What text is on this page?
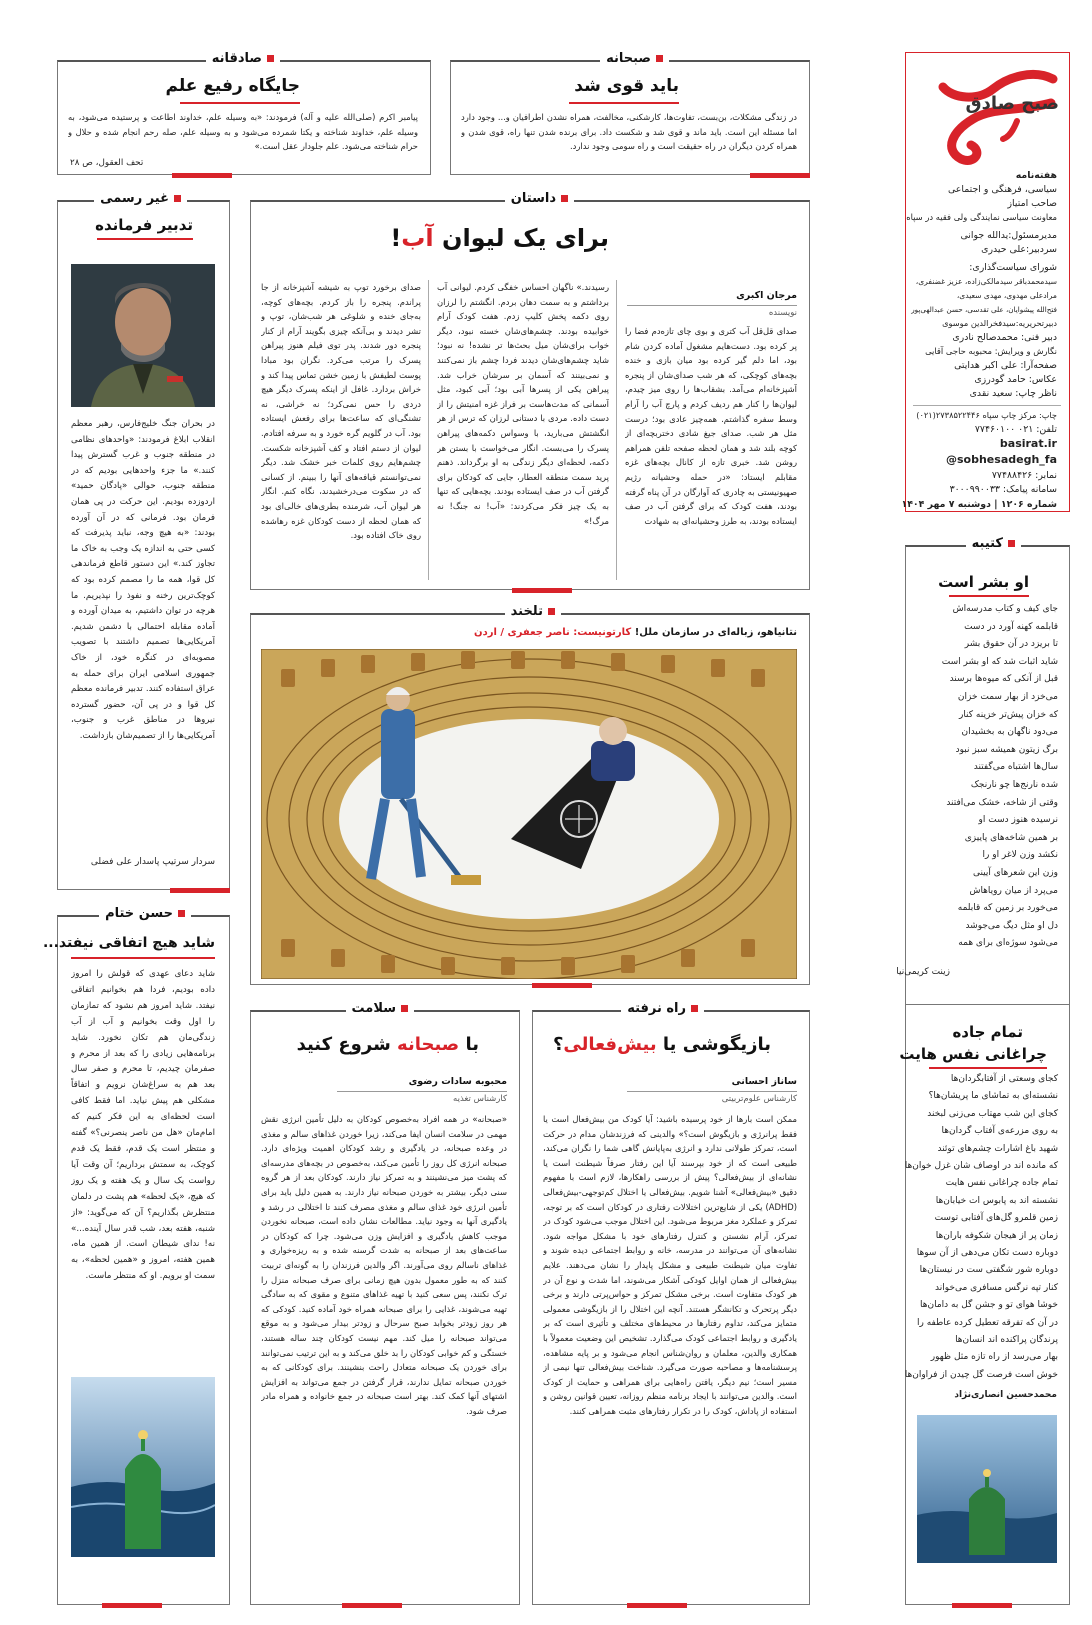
صبح صادق
هفته‌نامه
سیاسی، فرهنگی و اجتماعی
صاحب امتیاز
معاونت سیاسی نمایندگی ولی فقیه در سپاه
مدیرمسئول:یدالله جوانی
سردبیر:علی حیدری
شورای سیاست‌گذاری:
سیدمحمدباقر سیدمالکی‌زاده، عزیز غضنفری،
مرادعلی مهدوی، مهدی سعیدی،
فتح‌الله پیشوایان، علی تقدسی، حسن عبدالهی‌پور
دبیرتحریریه:سیدفخرالدین موسوی
دبیر فنی: محمدصالح نادری
نگارش و ویرایش: محبوبه حاجی آقایی
صفحه‌آرا: علی اکبر هدایتی
عکاس: حامد گودرزی
ناظر چاپ: سعید نقدی
چاپ: مرکز چاپ سپاه ۲۷۳۸۵۲۲۴۴۶(۰۲۱)
تلفن: ۰۲۱ ۷۷۴۶۰۱۰۰
basirat.ir
@sobhesadegh_fa
نمابر: ۷۷۴۸۸۴۲۶
سامانه پیامک: ۳۰۰۰۹۹۰۰۳۳
شماره ۱۲۰۶ | دوشنبه ۷ مهر ۱۴۰۴
صبحانه
باید قوی شد
در زندگی مشکلات، بن‌بست، تفاوت‌ها، کارشکنی، مخالفت، همراه نشدن اطرافیان و... وجود دارد اما مسئله این است. باید ماند و قوی شد و شکست داد. برای برنده شدن تنها راه، قوی شدن و همراه کردن دیگران در راه حقیقت است و راه سومی وجود ندارد.
صادقانه
جایگاه رفیع علم
پیامبر اکرم (صلی‌الله علیه و آله) فرمودند: «به وسیله علم، خداوند اطاعت و پرستیده می‌شود، به وسیله علم، خداوند شناخته و یکتا شمرده می‌شود و به وسیله علم، صله رحم انجام شده و حلال و حرام شناخته می‌شود. علم جلودار عقل است.»
تحف العقول، ص ۲۸
غیر رسمی
تدبیر فرمانده
در بحران جنگ خلیج‌فارس، رهبر معظم انقلاب ابلاغ فرمودند: «واحدهای نظامی در منطقه جنوب و غرب گسترش پیدا کنند.» ما جزء واحدهایی بودیم که در منطقه جنوب، حوالی «پادگان حمید» اردوزده بودیم. این حرکت در پی همان فرمان بود. فرمانی که در آن آورده بودند: «به هیچ وجه، نباید پذیرفت که کسی حتی به اندازه یک وجب به خاک ما تجاوز کند.» این دستور قاطع فرماندهی کل قوا، همه ما را مصمم کرده بود که کوچک‌ترین رخنه و نفوذ را نپذیریم. ما هرچه در توان داشتیم، به میدان آورده و آماده مقابله احتمالی با دشمن شدیم. آمریکایی‌ها تصمیم داشتند با تصویب مصوبه‌ای در کنگره خود، از خاک جمهوری اسلامی ایران برای حمله به عراق استفاده کنند. تدبیر فرمانده معظم کل قوا و در پی آن، حضور گسترده نیروها در مناطق غرب و جنوب، آمریکایی‌ها را از تصمیم‌شان بازداشت.
سردار سرتیپ پاسدار علی فضلی
داستان
برای یک لیوان آب!
مرجان اکبری
نویسنده
صدای قل‌قل آب کتری و بوی چای تازه‌دم فضا را پر کرده بود. دست‌هایم مشغول آماده کردن شام بود، اما دلم گیر کرده بود میان بازی و خنده بچه‌های کوچکی، که هر شب صدای‌شان از پنجره آشپزخانه‌ام می‌آمد. بشقاب‌ها را روی میز چیدم، لیوان‌ها را کنار هم ردیف کردم و پارچ آب را آرام وسط سفره گذاشتم. همه‌چیز عادی بود؛ درست مثل هر شب. صدای جیغ شادی دختربچه‌ای از کوچه بلند شد و همان لحظه صفحه تلفن همراهم روشن شد. خبری تازه از کانال بچه‌های غزه مقابلم ایستاد: «در حمله وحشیانه رژیم صهیونیستی به چادری که آوارگان در آن پناه گرفته بودند، هفت کودک که برای گرفتن آب در صف ایستاده بودند، به طرز وحشیانه‌ای به شهادت
رسیدند.» ناگهان احساس خفگی کردم. لیوانی آب برداشتم و به سمت دهان بردم. انگشتم را لرزان روی دکمه پخش کلیپ زدم. هفت کودک آرام خوابیده بودند. چشم‌های‌شان خسته نبود، دیگر خواب برای‌شان میل بحث‌ها تر نشده! نه نبود؛ شاید چشم‌های‌شان دیدند فردا چشم باز نمی‌کنند و نمی‌بینند که آسمان بر سرشان خراب شد. پیراهن یکی از پسرها آبی بود؛ آبی کبود، مثل آسمانی که مدت‌هاست بر فراز غزه امنیتش را از دست داده. مردی با دستانی لرزان که ترس از هر انگشتش می‌بارید، با وسواس دکمه‌های پیراهن پسرک را می‌بست. انگار می‌خواست با بستن هر دکمه، لحظه‌ای دیگر زندگی به او برگرداند. ذهنم پرید سمت منطقه العطار، جایی که کودکان برای گرفتن آب در صف ایستاده بودند. بچه‌هایی که تنها به یک چیز فکر می‌کردند: «آب! نه جنگ! نه مرگ!»
صدای برخورد توپ به شیشه آشپزخانه از جا پراندم. پنجره را باز کردم. بچه‌های کوچه، به‌جای خنده و شلوغی هر شب‌شان، توپ و تشر دیدند و بی‌آنکه چیزی بگویند آرام از کنار پنجره دور شدند. پدر توی فیلم هنوز پیراهن پسرک را مرتب می‌کرد. نگران بود مبادا پوست لطیفش با زمین خشن تماس پیدا کند و خراش بردارد. غافل از اینکه پسرک دیگر هیچ دردی را حس نمی‌کرد؛ نه خراشی، نه تشنگی‌ای که ساعت‌ها برای رفعش ایستاده بود. آب در گلویم گره خورد و به سرفه افتادم. لیوان از دستم افتاد و کف آشپزخانه شکست. چشم‌هایم روی کلمات خبر خشک شد. دیگر نمی‌توانستم قیافه‌های آنها را ببینم. از کسانی که در سکوت می‌درخشیدند، نگاه کنم. انگار هر لیوان آب، شرمنده بطری‌های خالی‌ای بود که همان لحظه از دست کودکان غزه رهاشده روی خاک افتاده بود.
کتیبه
او بشر است
جای کیف و کتاب مدرسه‌اش
قابلمه کهنه آورد در دست
تا بریزد در آن حقوق بشر
شاید اثبات شد که او بشر است
قبل از آنکی که میوه‌ها برسند
می‌خزد از بهار سمت خزان
که خزان پیش‌تر خزینه کنار
می‌دود ناگهان به بخشیدان
برگ زیتون همیشه سبز نبود
سال‌ها اشتباه می‌گفتند
شده نارنج‌ها چو نارنجک
وقتی از شاخه، خشک می‌افتند
نرسیده هنوز دست او
بر همین شاخه‌های پاییزی
نکشد وزن لاغر او را
وزن این شعرهای آیینی
می‌پرد از میان رویاهاش
می‌خورد بر زمین که قابلمه
دل او مثل دیگ می‌جوشد
می‌شود سوژه‌ای برای همه
زینت کریمی‌نیا
تمام جاده
چراغانی نفس هایت
محمدحسین انصاری‌نژاد
کجای وسعتی از آفتابگردان‌ها
نشسته‌ای به تماشای ما پریشان‌ها؟
کجای این شب مهتاب می‌زنی لبخند
به روی مزرعه‌ی آفتاب گردان‌ها
شهید باغ اشارات چشم‌های توئند
که مانده اند در اوصاف شان غزل خوان‌ها
تمام جاده چراغانی نفس هایت
نشسته اند به پابوس ات خیابان‌ها
زمین قلمرو گل‌های آفتابی توست
زمان پر از هیجان شکوفه باران‌ها
دوباره دست تکان می‌دهی از آن سو‌ها
دوباره شور شگفتی ست در نیستان‌ها
کنار تپه نرگس مسافری می‌خواند
خوشا هوای تو و جشن گل به دامان‌ها
در آن که تفرقه تعطیل کرده عاطفه را
پرندگان پراکنده اند انسان‌ها
بهار می‌رسد از راه تازه مثل ظهور
خوش است فرصت گل چیدن از فراوان‌ها
حسن ختام
شاید هیچ اتفاقی نیفتد...
شاید دعای عهدی که قولش را امروز داده بودیم، فردا هم بخوانیم اتفاقی نیفتد. شاید امروز هم نشود که تمازمان را اول وقت بخوانیم و آب از آب زندگی‌مان هم تکان نخورد. شاید برنامه‌هایی زیادی را که بعد از محرم و صفرمان چیدیم، تا محرم و صفر سال بعد هم به سراغ‌شان نرویم و اتفاقاً مشکلی هم پیش نیاید. اما فقط کافی است لحظه‌ای به این فکر کنیم که امام‌مان «هل من ناصر ینصرنی؟» گفته و منتظر است یک قدم، فقط یک قدم کوچک، به سمتش برداریم؛ آن وقت آیا رواست یک سال و یک هفته و یک روز که هیچ، «یک لحظه» هم پشت در دلمان منتظرش بگذاریم؟ آن که می‌گوید: «از شنبه، هفته بعد، شب قدر سال آینده...» نه! ندای شیطان است. از همین ماه، همین هفته، امروز و «همین لحظه»، به سمت او برویم. او که منتظر ماست.
تلخند
نتانیاهو، زباله‌ای در سازمان ملل! کارتونیست: ناصر جعفری / اردن
راه نرفته
بازیگوشی یا بیش‌فعالی؟
ساناز احسانی
کارشناس علوم‌تربیتی
ممکن است بارها از خود پرسیده باشید: آیا کودک من بیش‌فعال است یا فقط پرانرژی و بازیگوش است؟» والدینی که فرزندشان مدام در حرکت است، تمرکز طولانی ندارد و انرژی به‌پایانش گاهی شما را نگران می‌کند، طبیعی است که از خود بپرسند آیا این رفتار صرفاً شیطنت است یا نشانه‌ای از بیش‌فعالی؟ پیش از بررسی راهکارها، لازم است با مفهوم دقیق «بیش‌فعالی» آشنا شویم. بیش‌فعالی یا اختلال کم‌توجهی-بیش‌فعالی (ADHD) یکی از شایع‌ترین اختلالات رفتاری در کودکان است که بر توجه، تمرکز و عملکرد مغز مربوط می‌شود. این اختلال موجب می‌شود کودک در تمرکز، آرام نشستن و کنترل رفتارهای خود با مشکل مواجه شود. نشانه‌های آن می‌توانند در مدرسه، خانه و روابط اجتماعی دیده شوند و تفاوت میان شیطنت طبیعی و مشکل پایدار را نشان می‌دهند. علایم بیش‌فعالی از همان اوایل کودکی آشکار می‌شوند، اما شدت و نوع آن در هر کودک متفاوت است. برخی مشکل تمرکز و حواس‌پرتی دارند و برخی دیگر پرتحرک و تکانشگر هستند. آنچه این اختلال را از بازیگوشی معمولی متمایز می‌کند، تداوم رفتارها در محیط‌های مختلف و تأثیری است که بر یادگیری و روابط اجتماعی کودک می‌گذارد. تشخیص این وضعیت معمولاً با همکاری والدین، معلمان و روان‌شناس انجام می‌شود و بر پایه مشاهده، پرسشنامه‌ها و مصاحبه صورت می‌گیرد. شناخت بیش‌فعالی تنها نیمی از مسیر است؛ نیم دیگر، یافتن راه‌هایی برای همراهی و حمایت از کودک است. والدین می‌توانند با ایجاد برنامه منظم روزانه، تعیین قوانین روشن و استفاده از پاداش، کودک را در تکرار رفتارهای مثبت همراهی کنند.
سلامت
با صبحانه شروع کنید
محبوبه سادات رضوی
کارشناس تغذیه
«صبحانه» در همه افراد به‌خصوص کودکان به دلیل تأمین انرژی نقش مهمی در سلامت انسان ایفا می‌کند، زیرا خوردن غذاهای سالم و مغذی در وعده صبحانه، در یادگیری و رشد کودکان اهمیت ویژه‌ای دارد. صبحانه انرژی کل روز را تأمین می‌کند، به‌خصوص در بچه‌های مدرسه‌ای که پشت میز می‌نشینند و به تمرکز نیاز دارند. کودکان بعد از هر گروه سنی دیگر، بیشتر به خوردن صبحانه نیاز دارند. به همین دلیل باید برای تأمین انرژی خود غذای سالم و مغذی مصرف کنند تا اختلالی در رشد و یادگیری آنها به وجود نیاید. مطالعات نشان داده است، صبحانه نخوردن موجب کاهش یادگیری و افزایش وزن می‌شود. چرا که کودکان در ساعت‌های بعد از صبحانه به شدت گرسنه شده و به ریزه‌خواری و غذاهای ناسالم روی می‌آورند. اگر والدین فرزندان را به گونه‌ای تربیت کنند که به طور معمول بدون هیچ زمانی برای صرف صبحانه منزل را ترک نکنند، پس سعی کنید با تهیه غذاهای متنوع و مقوی که به سادگی تهیه می‌شوند، غذایی را برای صبحانه همراه خود آماده کنید. کودکی که هر روز زودتر بخوابد صبح سرحال و زودتر بیدار می‌شود و به موقع می‌تواند صبحانه را میل کند. مهم نیست کودکان چند ساله هستند، خستگی و کم خوابی کودکان را بد خلق می‌کند و به این ترتیب نمی‌توانند برای خوردن یک صبحانه متعادل راحت بنشینند. برای کودکانی که به خوردن صبحانه تمایل ندارند، قرار گرفتن در جمع می‌تواند به افزایش اشتهای آنها کمک کند. بهتر است صبحانه در جمع خانواده و همراه مادر صرف شود.
